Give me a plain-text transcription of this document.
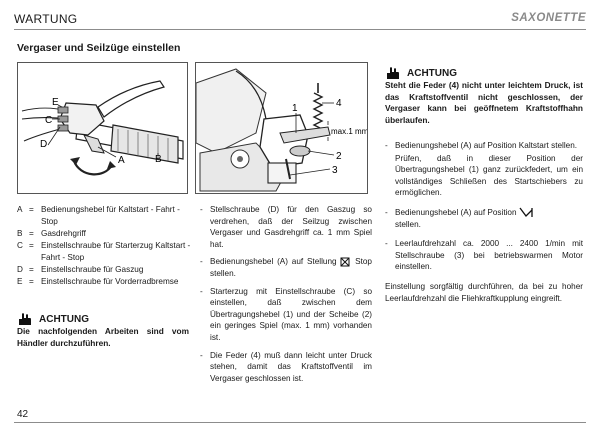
WARTUNG	SAXONETTE
Vergaser und Seilzüge einstellen
E
C
D
A	B
4
1
max.1 mm
2
3
A = Bedienungshebel für Kaltstart - Fahrt - Stop
B = Gasdrehgriff
C = Einstellschraube für Starterzug Kaltstart - Fahrt - Stop
D = Einstellschraube für Gaszug
E = Einstellschraube für Vorderradbremse
ACHTUNG
Die nachfolgenden Arbeiten sind vom Händler durchzuführen.
- Stellschraube (D) für den Gaszug so verdrehen, daß der Seilzug zwischen Vergaser und Gasdrehgriff ca. 1 mm Spiel hat.
- Bedienungshebel (A) auf Stellung Stop stellen.
- Starterzug mit Einstellschraube (C) so einstellen, daß zwischen dem Übertragungshebel (1) und der Scheibe (2) ein geringes Spiel (max. 1 mm) vorhanden ist.
- Die Feder (4) muß dann leicht unter Druck stehen, damit das Kraftstoffventil im Vergaser geschlossen ist.
ACHTUNG
Steht die Feder (4) nicht unter leichtem Druck, ist das Kraftstoffventil nicht geschlossen, der Vergaser kann bei geöffnetem Kraftstoffhahn überlaufen.
- Bedienungshebel (A) auf Position Kaltstart stellen.
Prüfen, daß in dieser Position der Übertragungshebel (1) ganz zurückfedert, um ein vollständiges Schließen des Startschiebers zu ermöglichen.
- Bedienungshebel (A) auf Position
stellen.
- Leerlaufdrehzahl ca. 2000 ... 2400 1/min mit Stellschraube (3) bei betriebswarmen Motor einstellen.
Einstellung sorgfältig durchführen, da bei zu hoher Leerlaufdrehzahl die Fliehkraftkupplung eingreift.
42
